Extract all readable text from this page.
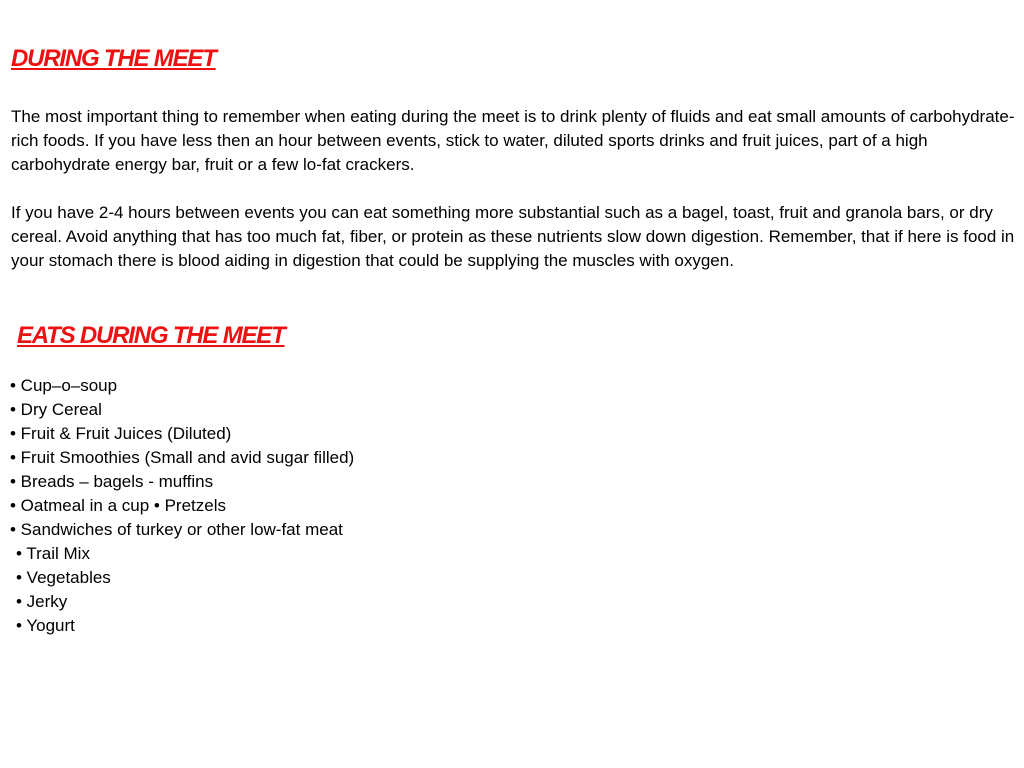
DURING THE MEET

The most important thing to remember when eating during the meet is to drink plenty of fluids and eat small amounts of carbohydrate-rich foods. If you have less then an hour between events, stick to water, diluted sports drinks and fruit juices, part of a high carbohydrate energy bar, fruit or a few lo-fat crackers.

If you have 2-4 hours between events you can eat something more substantial such as a bagel, toast, fruit and granola bars, or dry cereal. Avoid anything that has too much fat, fiber, or protein as these nutrients slow down digestion. Remember, that if here is food in your stomach there is blood aiding in digestion that could be supplying the muscles with oxygen.

EATS DURING THE MEET
• Cup–o–soup
• Dry Cereal
• Fruit & Fruit Juices (Diluted)
• Fruit Smoothies (Small and avid sugar filled)
• Breads – bagels - muffins
• Oatmeal in a cup • Pretzels
• Sandwiches of turkey or other low-fat meat
• Trail Mix
• Vegetables
• Jerky
• Yogurt
